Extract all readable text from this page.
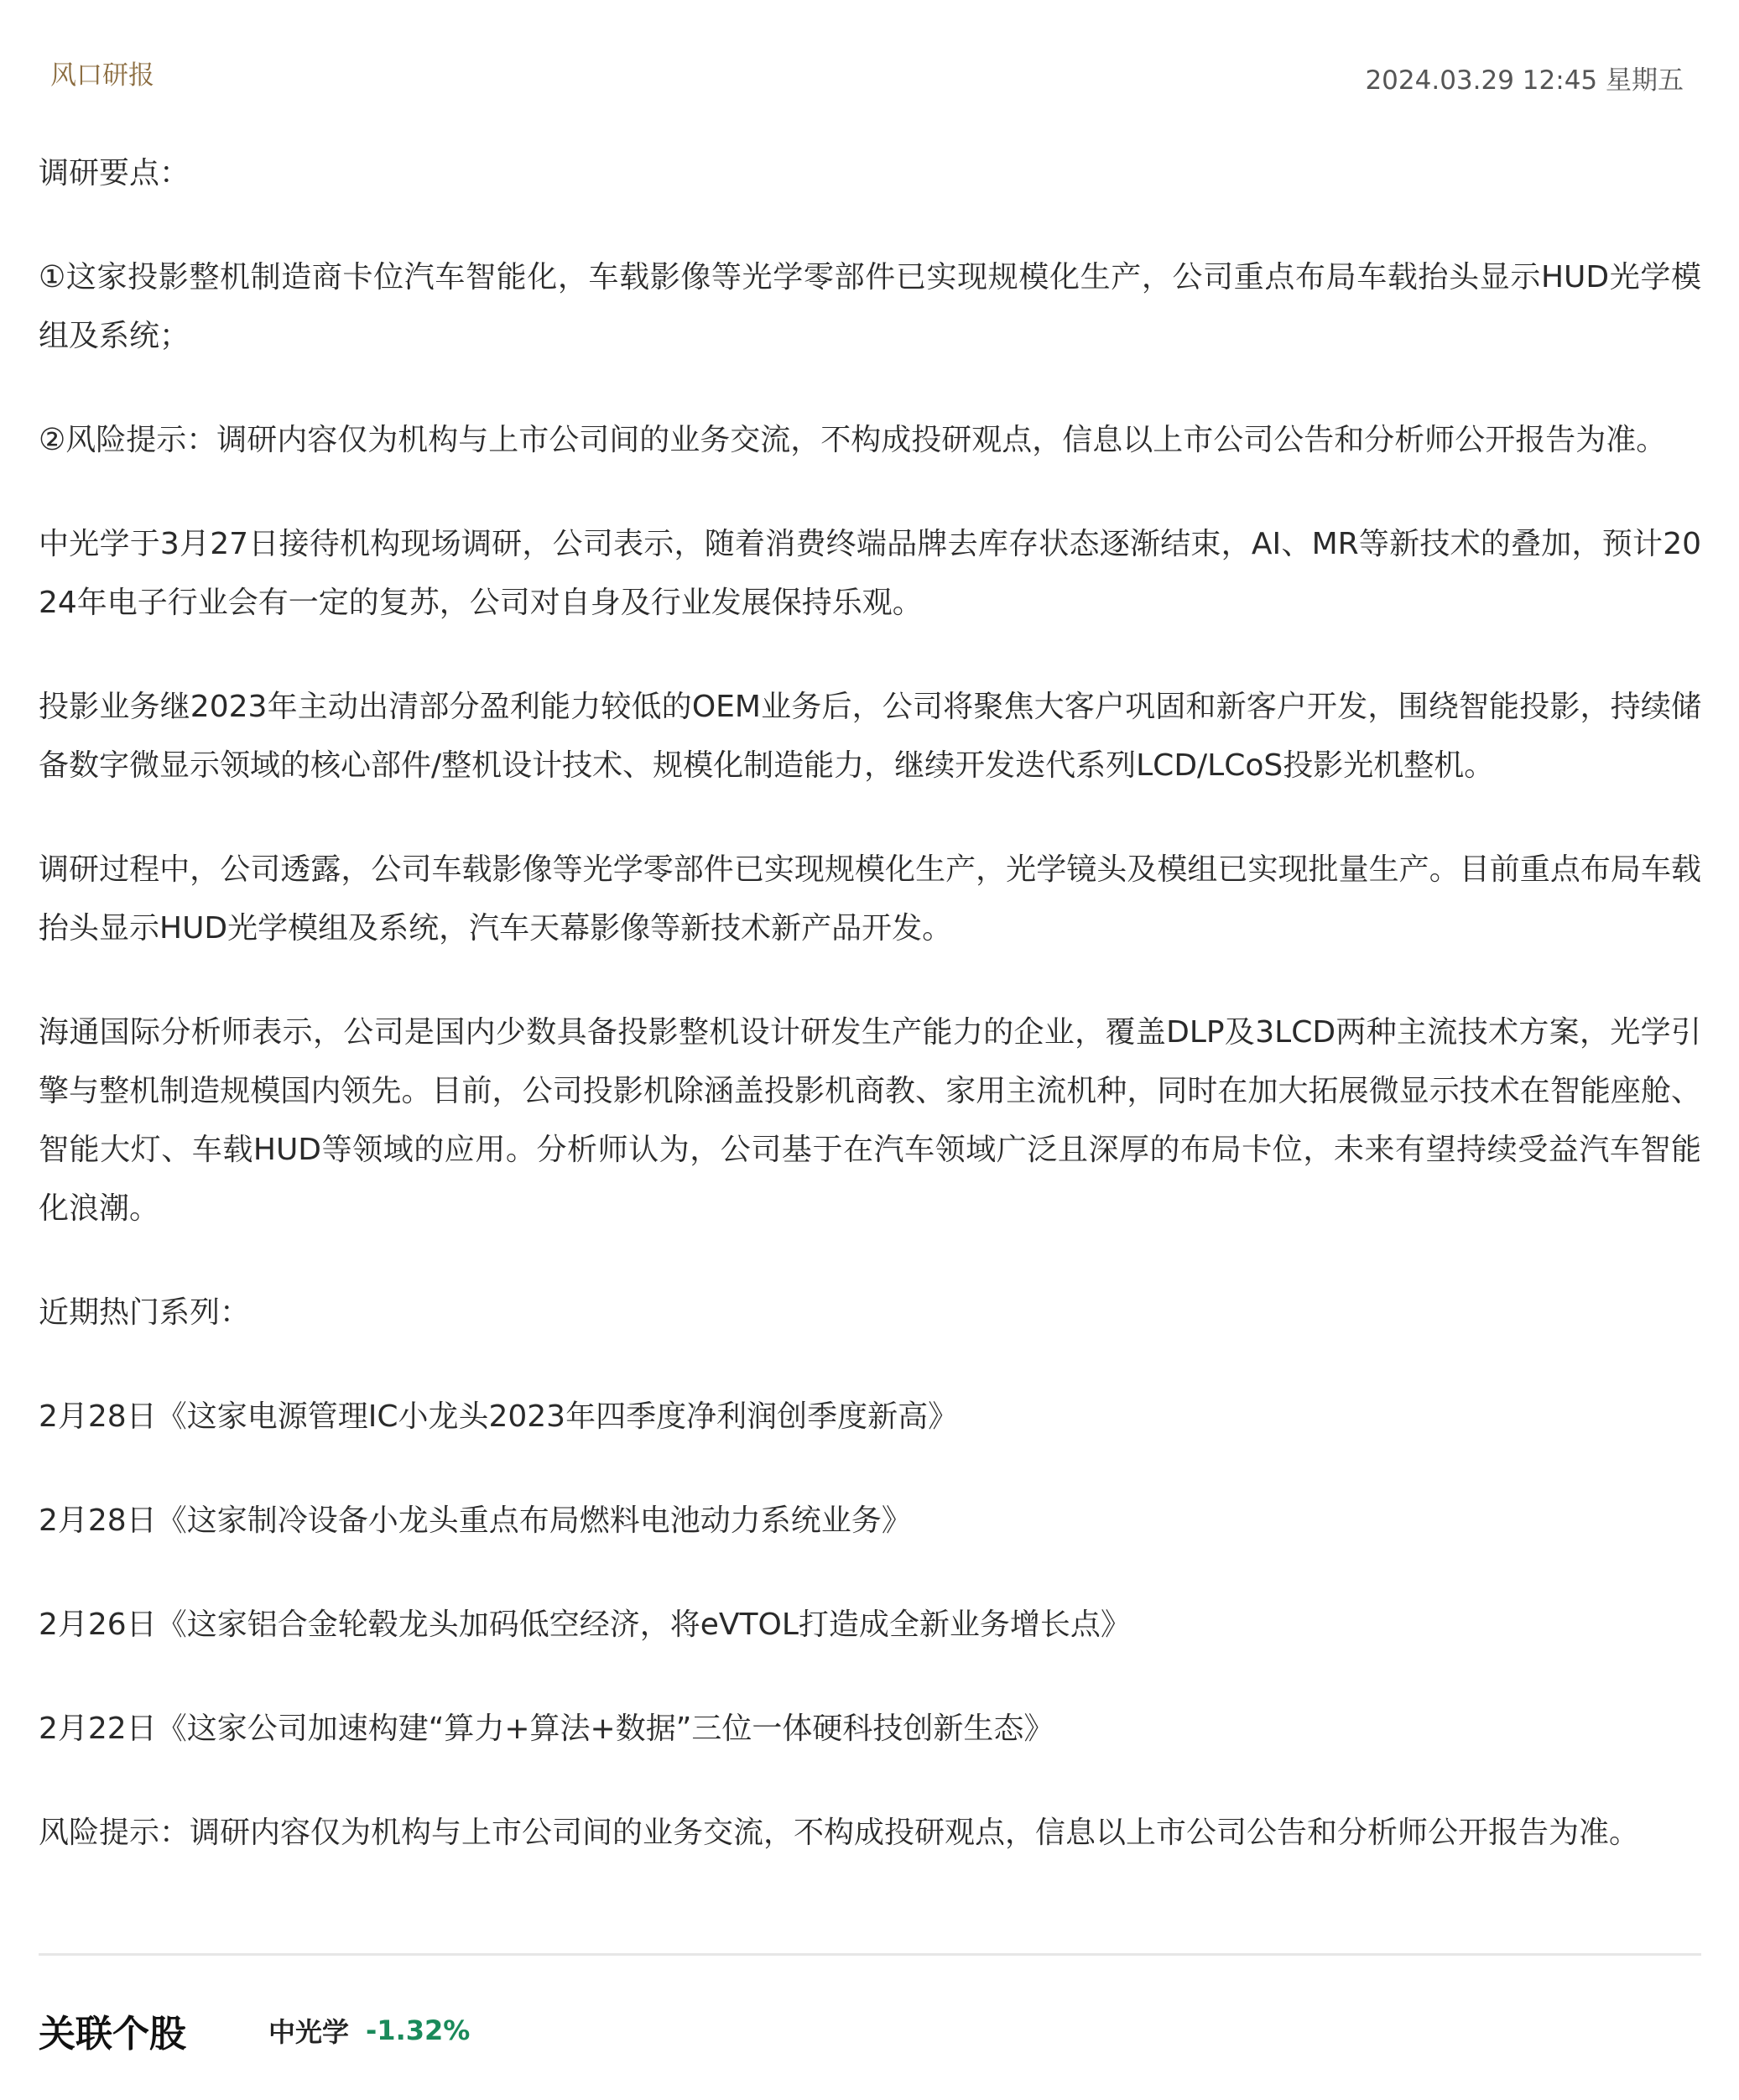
风口研报	2024.03.29 12:45 星期五

调研要点：

①这家投影整机制造商卡位汽车智能化，车载影像等光学零部件已实现规模化生产，公司重点布局车载抬头显示HUD光学模组及系统；

②风险提示：调研内容仅为机构与上市公司间的业务交流，不构成投研观点，信息以上市公司公告和分析师公开报告为准。

中光学于3月27日接待机构现场调研，公司表示，随着消费终端品牌去库存状态逐渐结束，AI、MR等新技术的叠加，预计2024年电子行业会有一定的复苏，公司对自身及行业发展保持乐观。

投影业务继2023年主动出清部分盈利能力较低的OEM业务后，公司将聚焦大客户巩固和新客户开发，围绕智能投影，持续储备数字微显示领域的核心部件/整机设计技术、规模化制造能力，继续开发迭代系列LCD/LCoS投影光机整机。

调研过程中，公司透露，公司车载影像等光学零部件已实现规模化生产，光学镜头及模组已实现批量生产。目前重点布局车载抬头显示HUD光学模组及系统，汽车天幕影像等新技术新产品开发。

海通国际分析师表示，公司是国内少数具备投影整机设计研发生产能力的企业，覆盖DLP及3LCD两种主流技术方案，光学引擎与整机制造规模国内领先。目前，公司投影机除涵盖投影机商教、家用主流机种，同时在加大拓展微显示技术在智能座舱、智能大灯、车载HUD等领域的应用。分析师认为，公司基于在汽车领域广泛且深厚的布局卡位，未来有望持续受益汽车智能化浪潮。

近期热门系列：

2月28日《这家电源管理IC小龙头2023年四季度净利润创季度新高》

2月28日《这家制冷设备小龙头重点布局燃料电池动力系统业务》

2月26日《这家铝合金轮毂龙头加码低空经济，将eVTOL打造成全新业务增长点》

2月22日《这家公司加速构建“算力+算法+数据”三位一体硬科技创新生态》

风险提示：调研内容仅为机构与上市公司间的业务交流，不构成投研观点，信息以上市公司公告和分析师公开报告为准。

关联个股	中光学 -1.32%
